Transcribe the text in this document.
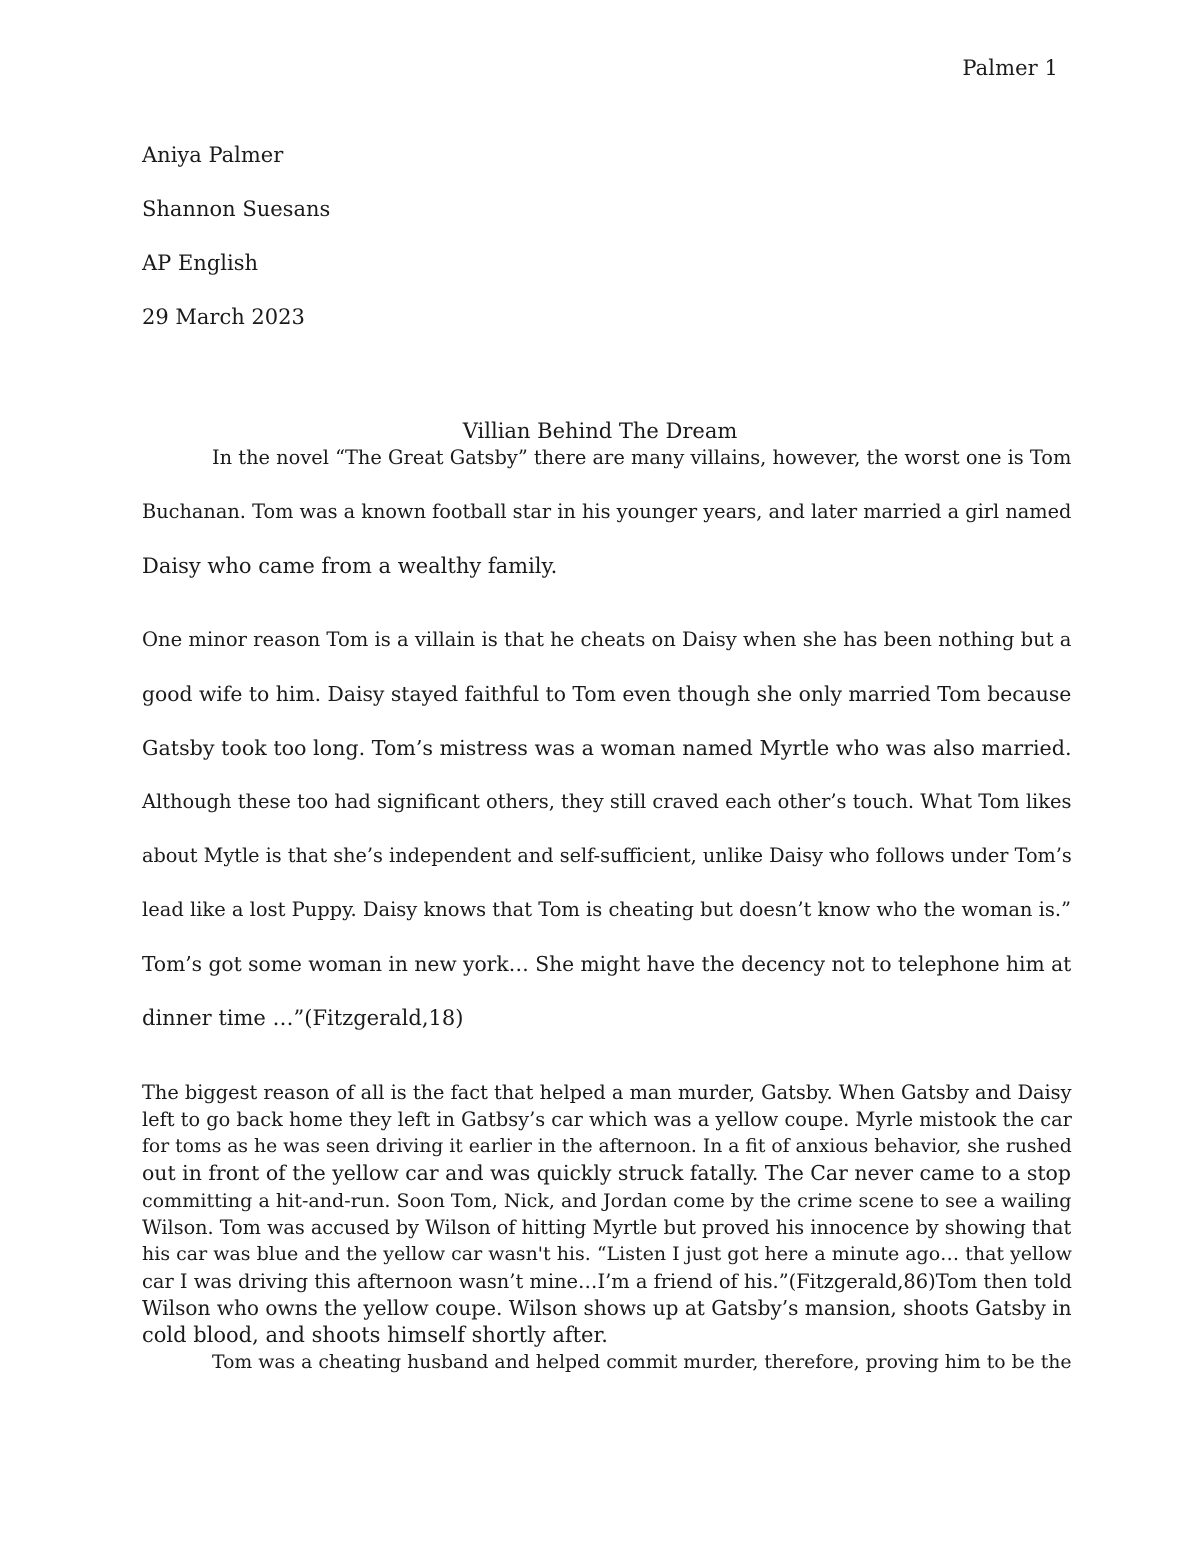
Palmer 1
Aniya Palmer
Shannon Suesans
AP English
29 March 2023
Villian Behind The Dream
In the novel “The Great Gatsby” there are many villains, however, the worst one is Tom
Buchanan. Tom was a known football star in his younger years, and later married a girl named
Daisy who came from a wealthy family.
One minor reason Tom is a villain is that he cheats on Daisy when she has been nothing but a
good wife to him. Daisy stayed faithful to Tom even though she only married Tom because
Gatsby took too long. Tom’s mistress was a woman named Myrtle who was also married.
Although these too had significant others, they still craved each other’s touch. What Tom likes
about Mytle is that she’s independent and self-sufficient, unlike Daisy who follows under Tom’s
lead like a lost Puppy. Daisy knows that Tom is cheating but doesn’t know who the woman is.”
Tom’s got some woman in new york… She might have the decency not to telephone him at
dinner time …”(Fitzgerald,18)
The biggest reason of all is the fact that helped a man murder, Gatsby. When Gatsby and Daisy
left to go back home they left in Gatbsy’s car which was a yellow coupe. Myrle mistook the car
for toms as he was seen driving it earlier in the afternoon. In a fit of anxious behavior, she rushed
out in front of the yellow car and was quickly struck fatally. The Car never came to a stop
committing a hit-and-run. Soon Tom, Nick, and Jordan come by the crime scene to see a wailing
Wilson. Tom was accused by Wilson of hitting Myrtle but proved his innocence by showing that
his car was blue and the yellow car wasn't his. “Listen I just got here a minute ago… that yellow
car I was driving this afternoon wasn’t mine…I’m a friend of his.”(Fitzgerald,86)Tom then told
Wilson who owns the yellow coupe. Wilson shows up at Gatsby’s mansion, shoots Gatsby in
cold blood, and shoots himself shortly after.
Tom was a cheating husband and helped commit murder, therefore, proving him to be the
